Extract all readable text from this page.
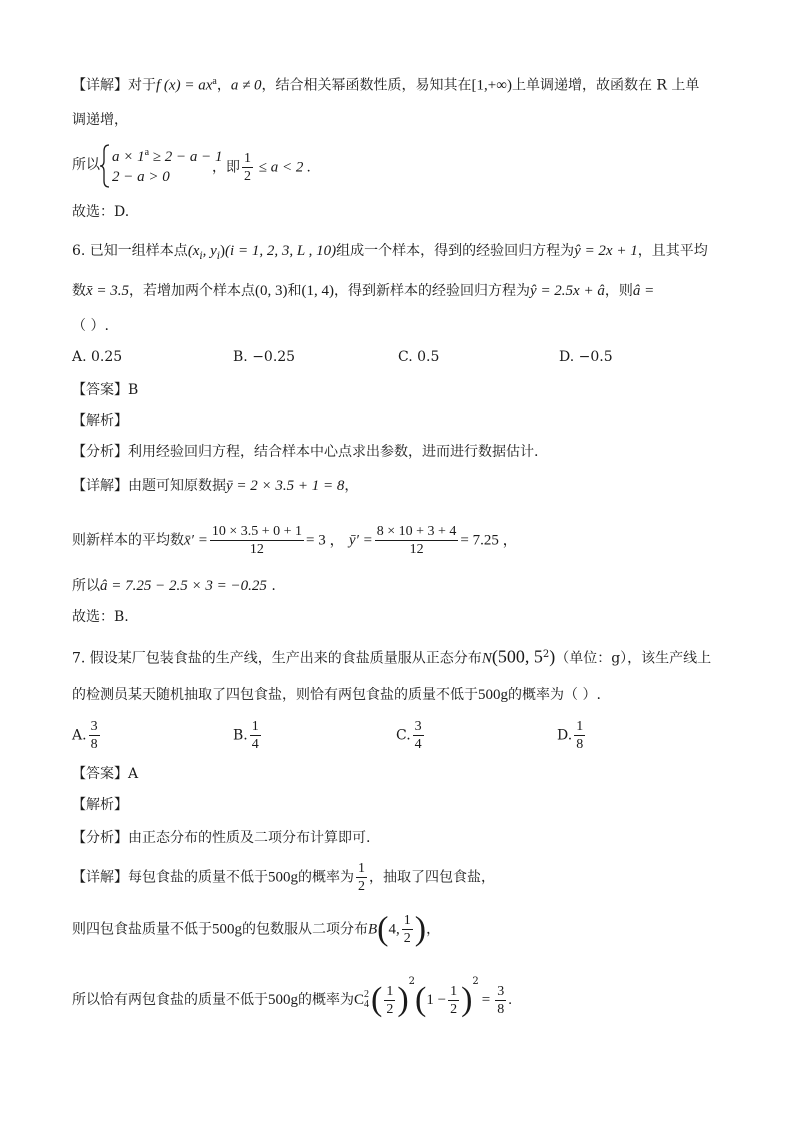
【详解】对于f $(x) = ax^a$，a ≠ 0，结合相关幂函数性质，易知其在[1,+∞)上单调递增，故函数在 R 上单
调递增，
所以 $a \times 1^a \ge 2 - a - 1$
2 − a > 0
，即 $\frac{1}{2} \le a < 2$ .
故选：D.
6. 已知一组样本点($x_i$, $y_i)(i = 1$, 2, 3, L , 10)组成一个样本，得到的经验回归方程为ŷ = 2x + 1，且其平均
数x̄ = 3.5，若增加两个样本点(0, 3)和(1, 4)，得到新样本的经验回归方程为ŷ = 2.5x + â，则â =
（ ）.
A. 0.25	B. −0.25	C. 0.5	D. −0.5
【答案】B
【解析】
【分析】利用经验回归方程，结合样本中心点求出参数，进而进行数据估计.
【详解】由题可知原数据ȳ = 2 × 3.5 + 1 = 8，
则新样本的平均数x̄′ = $\frac{10 \times 3.5 + 0 + 1}{12} = 3$ ， ȳ′ = $\frac{8 \times 10 + 3 + 4}{12} = 7.25$ ，
所以â = 7.25 − 2.5 × 3 = −0.25 .
故选：B.
7. 假设某厂包装食盐的生产线，生产出来的食盐质量服从正态分布N(500, $5^2$)（单位：g），该生产线上
的检测员某天随机抽取了四包食盐，则恰有两包食盐的质量不低于500g的概率为（ ）.
A. $\frac{3}{8}$	B. $\frac{1}{4}$	C. $\frac{3}{4}$	D. $\frac{1}{8}$
【答案】A
【解析】
【分析】由正态分布的性质及二项分布计算即可.
【详解】每包食盐的质量不低于500g的概率为 $\frac{1}{2}$ ，抽取了四包食盐，
则四包食盐质量不低于500g的包数服从二项分布B(4, $\frac{1}{2}$ )，
所以恰有两包食盐的质量不低于500g的概率为C 2
4 ( $\frac{1}{2} )^2(1 - \frac{1}{2} )^2= \frac{3}{8}$ .
